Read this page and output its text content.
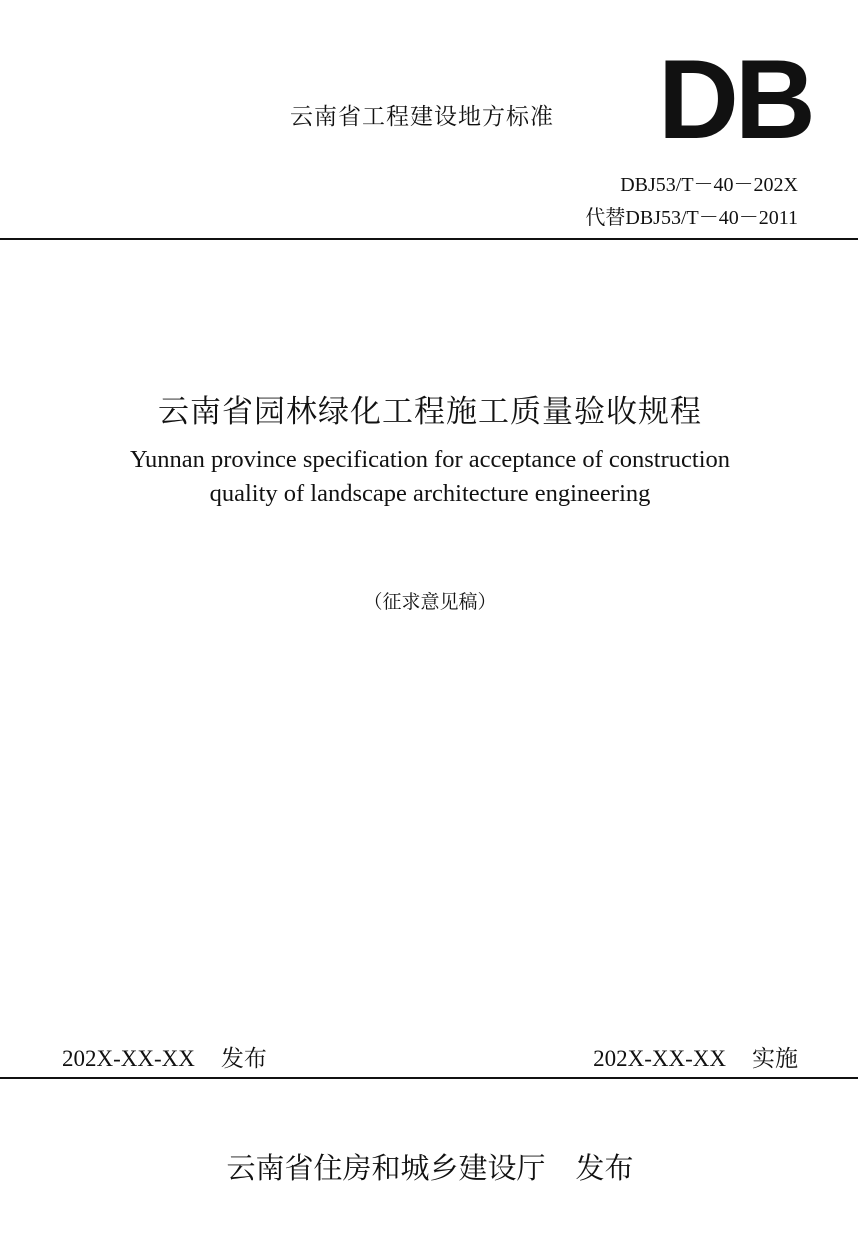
云南省工程建设地方标准 DB
DBJ53/T－40－202X
代替DBJ53/T－40－2011
云南省园林绿化工程施工质量验收规程
Yunnan province specification for acceptance of construction
quality of landscape architecture engineering
（征求意见稿）
202X-XX-XX 发布	202X-XX-XX 实施
云南省住房和城乡建设厅 发布
